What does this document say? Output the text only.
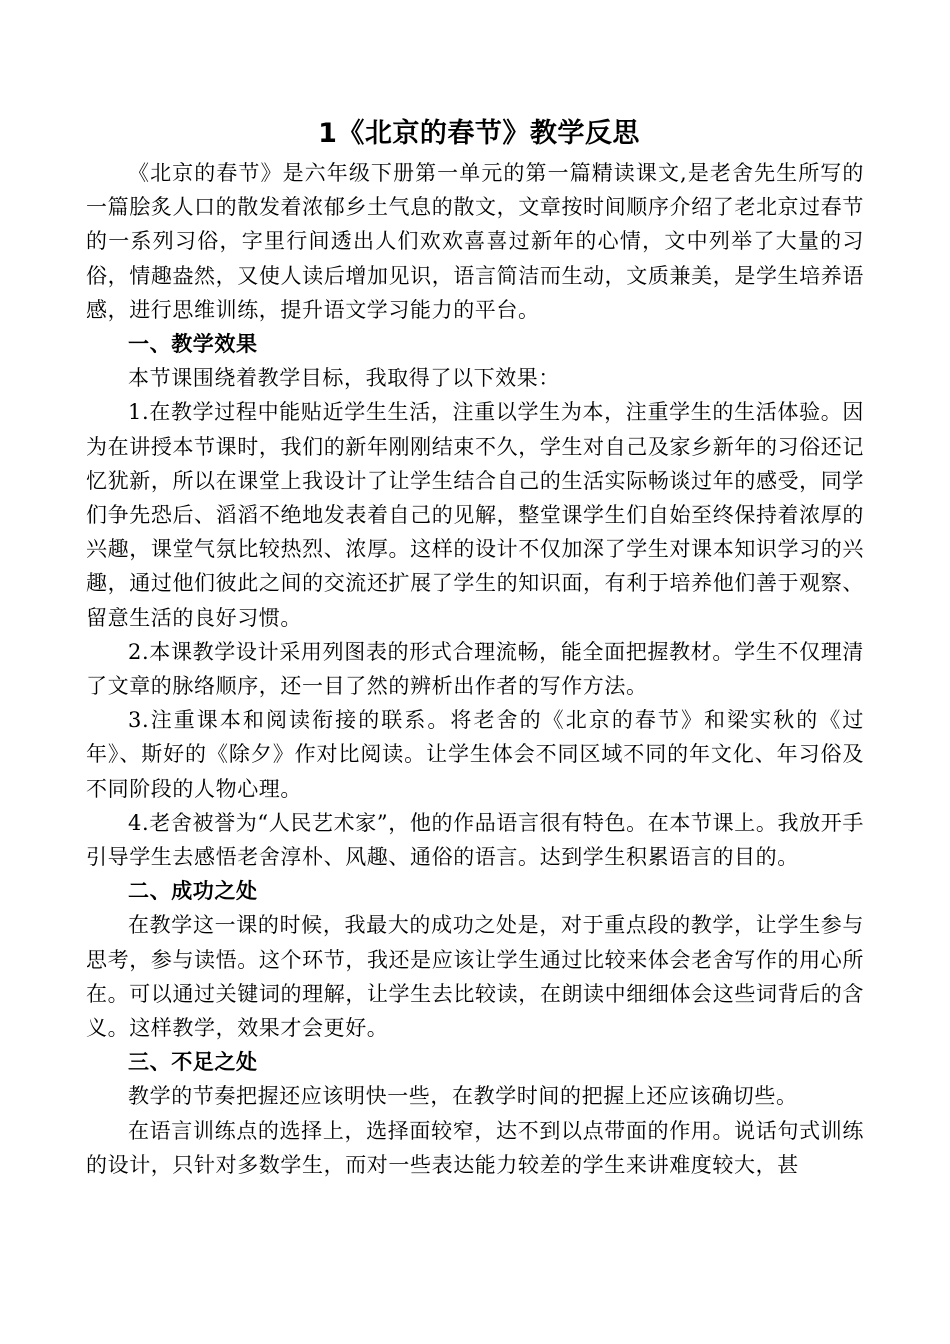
1《北京的春节》教学反思

《北京的春节》是六年级下册第一单元的第一篇精读课文,是老舍先生所写的一篇脍炙人口的散发着浓郁乡土气息的散文，文章按时间顺序介绍了老北京过春节的一系列习俗，字里行间透出人们欢欢喜喜过新年的心情，文中列举了大量的习俗，情趣盎然，又使人读后增加见识，语言简洁而生动，文质兼美，是学生培养语感，进行思维训练，提升语文学习能力的平台。

一、教学效果

本节课围绕着教学目标，我取得了以下效果：

1.在教学过程中能贴近学生生活，注重以学生为本，注重学生的生活体验。因为在讲授本节课时，我们的新年刚刚结束不久，学生对自己及家乡新年的习俗还记忆犹新，所以在课堂上我设计了让学生结合自己的生活实际畅谈过年的感受，同学们争先恐后、滔滔不绝地发表着自己的见解，整堂课学生们自始至终保持着浓厚的兴趣，课堂气氛比较热烈、浓厚。这样的设计不仅加深了学生对课本知识学习的兴趣，通过他们彼此之间的交流还扩展了学生的知识面，有利于培养他们善于观察、留意生活的良好习惯。

2.本课教学设计采用列图表的形式合理流畅，能全面把握教材。学生不仅理清了文章的脉络顺序，还一目了然的辨析出作者的写作方法。

3.注重课本和阅读衔接的联系。将老舍的《北京的春节》和梁实秋的《过年》、斯好的《除夕》作对比阅读。让学生体会不同区域不同的年文化、年习俗及不同阶段的人物心理。

4.老舍被誉为“人民艺术家”，他的作品语言很有特色。在本节课上。我放开手引导学生去感悟老舍淳朴、风趣、通俗的语言。达到学生积累语言的目的。

二、成功之处

在教学这一课的时候，我最大的成功之处是，对于重点段的教学，让学生参与思考，参与读悟。这个环节，我还是应该让学生通过比较来体会老舍写作的用心所在。可以通过关键词的理解，让学生去比较读，在朗读中细细体会这些词背后的含义。这样教学，效果才会更好。

三、不足之处

教学的节奏把握还应该明快一些，在教学时间的把握上还应该确切些。

在语言训练点的选择上，选择面较窄，达不到以点带面的作用。说话句式训练的设计，只针对多数学生，而对一些表达能力较差的学生来讲难度较大，甚
